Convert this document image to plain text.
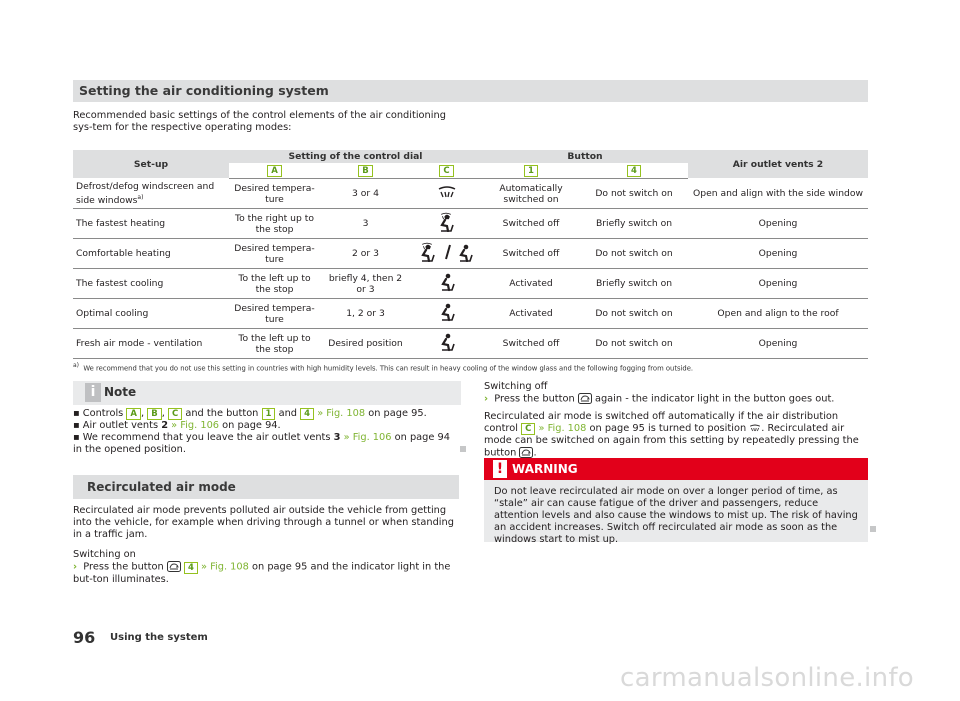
Setting the air conditioning system
Recommended basic settings of the control elements of the air conditioning sys-tem for the respective operating modes:
Set-up	Setting of the control dial			Button		Air outlet vents 2
	A	B	C	1	4	
Defrost/defog windscreen and side windows$^{a)}$	Desired tempera-ture	3 or 4		Automatically switched on	Do not switch on	Open and align with the side window
The fastest heating	To the right up to the stop	3		Switched off	Briefly switch on	Opening
Comfortable heating	Desired tempera-ture	2 or 3		Switched off	Do not switch on	Opening
The fastest cooling	To the left up to the stop	briefly 4, then 2 or 3		Activated	Briefly switch on	Opening
Optimal cooling	Desired tempera-ture	1, 2 or 3		Activated	Do not switch on	Open and align to the roof
Fresh air mode - ventilation	To the left up to the stop	Desired position		Switched off	Do not switch on	Opening
a) We recommend that you do not use this setting in countries with high humidity levels. This can result in heavy cooling of the window glass and the following fogging from outside.
i Note

▪ Controls A , B , C and the button 1 and 4 » Fig. 108 on page 95.

▪ Air outlet vents 2 » Fig. 106 on page 94.

▪ We recommend that you leave the air outlet vents 3 » Fig. 106 on page 94 in the opened position.

Recirculated air mode
Recirculated air mode prevents polluted air outside the vehicle from getting into the vehicle, for example when driving through a tunnel or when standing in a traffic jam.
Switching on
› Press the button	4 » Fig. 108 on page 95 and the indicator light in the but-ton illuminates.
Switching off
› Press the button again - the indicator light in the button goes out.
Recirculated air mode is switched off automatically if the air distribution control C » Fig. 108 on page 95 is turned to position . Recirculated air mode can be switched on again from this setting by repeatedly pressing the button .
! WARNING

Do not leave recirculated air mode on over a longer period of time, as “stale” air can cause fatigue of the driver and passengers, reduce attention levels and also cause the windows to mist up. The risk of having an accident increases. Switch off recirculated air mode as soon as the windows start to mist up.

96 Using the system
carmanualsonline.info
